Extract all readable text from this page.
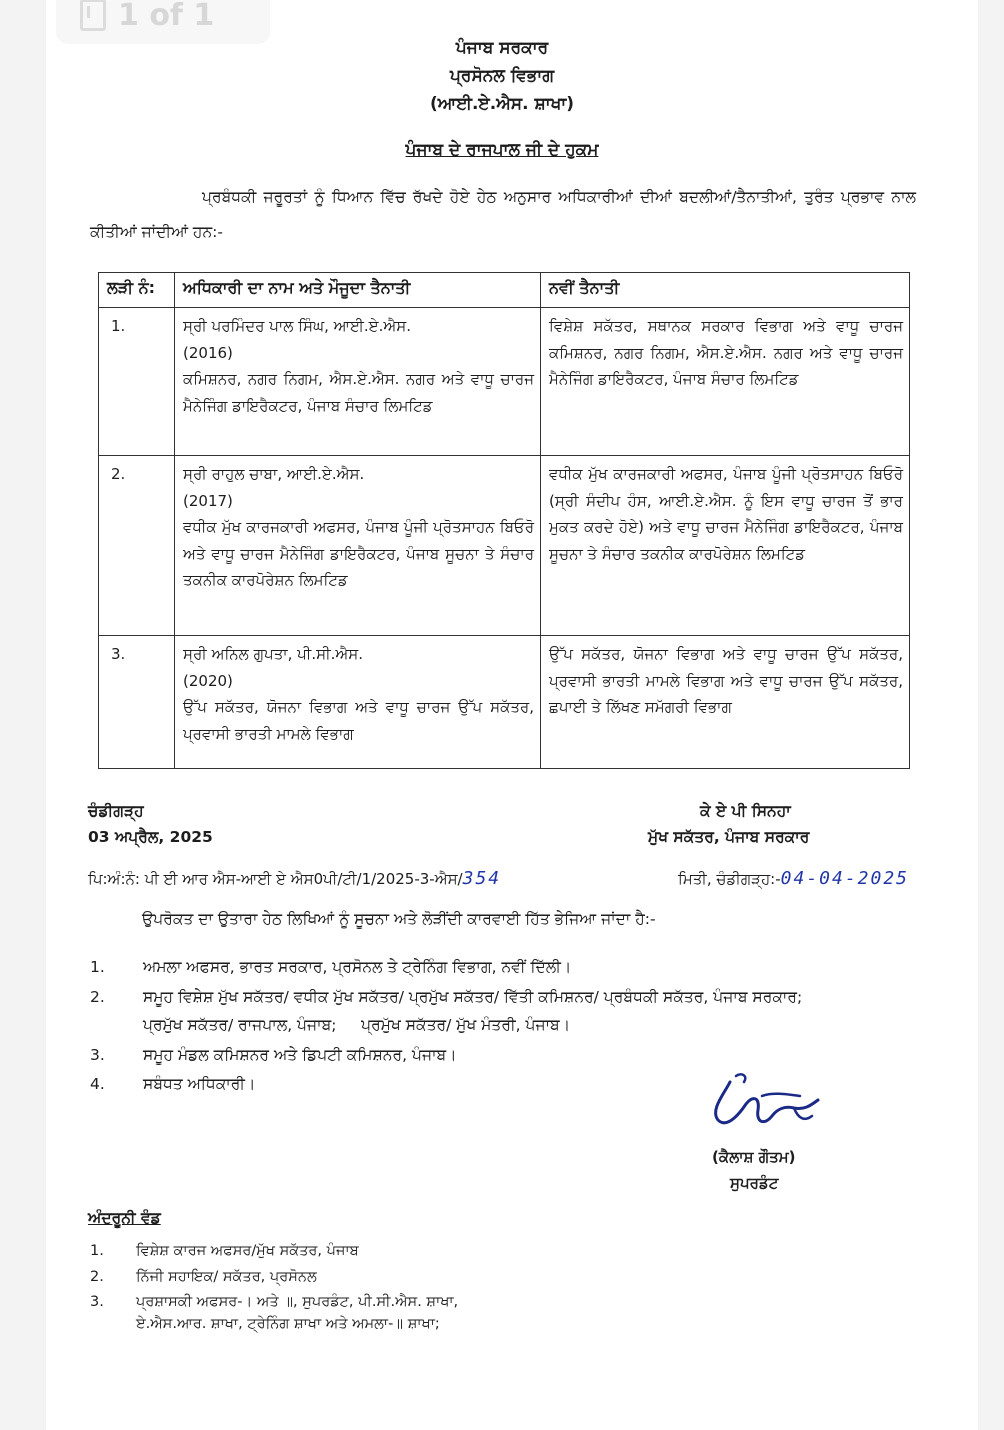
1 of 1
ਪੰਜਾਬ ਸਰਕਾਰ
ਪ੍ਰਸੋਨਲ ਵਿਭਾਗ
(ਆਈ.ਏ.ਐਸ. ਸ਼ਾਖਾ)
ਪੰਜਾਬ ਦੇ ਰਾਜਪਾਲ ਜੀ ਦੇ ਹੁਕਮ
ਪ੍ਰਬੰਧਕੀ ਜਰੂਰਤਾਂ ਨੂੰ ਧਿਆਨ ਵਿੱਚ ਰੱਖਦੇ ਹੋਏ ਹੇਠ ਅਨੁਸਾਰ ਅਧਿਕਾਰੀਆਂ ਦੀਆਂ ਬਦਲੀਆਂ/ਤੈਨਾਤੀਆਂ, ਤੁਰੰਤ ਪ੍ਰਭਾਵ ਨਾਲ ਕੀਤੀਆਂ ਜਾਂਦੀਆਂ ਹਨ:-
ਲੜੀ ਨੰ:	ਅਧਿਕਾਰੀ ਦਾ ਨਾਮ ਅਤੇ ਮੌਜੂਦਾ ਤੈਨਾਤੀ	ਨਵੀਂ ਤੈਨਾਤੀ
1.	ਸ੍ਰੀ ਪਰਮਿੰਦਰ ਪਾਲ ਸਿੰਘ, ਆਈ.ਏ.ਐਸ.
(2016)
ਕਮਿਸ਼ਨਰ, ਨਗਰ ਨਿਗਮ, ਐਸ.ਏ.ਐਸ. ਨਗਰ ਅਤੇ ਵਾਧੂ ਚਾਰਜ ਮੈਨੇਜਿੰਗ ਡਾਇਰੈਕਟਰ, ਪੰਜਾਬ ਸੰਚਾਰ ਲਿਮਟਿਡ	ਵਿਸ਼ੇਸ਼ ਸਕੱਤਰ, ਸਥਾਨਕ ਸਰਕਾਰ ਵਿਭਾਗ ਅਤੇ ਵਾਧੂ ਚਾਰਜ ਕਮਿਸ਼ਨਰ, ਨਗਰ ਨਿਗਮ, ਐਸ.ਏ.ਐਸ. ਨਗਰ ਅਤੇ ਵਾਧੂ ਚਾਰਜ ਮੈਨੇਜਿੰਗ ਡਾਇਰੈਕਟਰ, ਪੰਜਾਬ ਸੰਚਾਰ ਲਿਮਟਿਡ
2.	ਸ੍ਰੀ ਰਾਹੁਲ ਚਾਬਾ, ਆਈ.ਏ.ਐਸ.
(2017)
ਵਧੀਕ ਮੁੱਖ ਕਾਰਜਕਾਰੀ ਅਫਸਰ, ਪੰਜਾਬ ਪੂੰਜੀ ਪ੍ਰੋਤਸਾਹਨ ਬਿਓਰੋ ਅਤੇ ਵਾਧੂ ਚਾਰਜ ਮੈਨੇਜਿੰਗ ਡਾਇਰੈਕਟਰ, ਪੰਜਾਬ ਸੂਚਨਾ ਤੇ ਸੰਚਾਰ ਤਕਨੀਕ ਕਾਰਪੋਰੇਸ਼ਨ ਲਿਮਟਿਡ	ਵਧੀਕ ਮੁੱਖ ਕਾਰਜਕਾਰੀ ਅਫਸਰ, ਪੰਜਾਬ ਪੂੰਜੀ ਪ੍ਰੋਤਸਾਹਨ ਬਿਓਰੋ (ਸ੍ਰੀ ਸੰਦੀਪ ਹੰਸ, ਆਈ.ਏ.ਐਸ. ਨੂੰ ਇਸ ਵਾਧੂ ਚਾਰਜ ਤੋਂ ਭਾਰ ਮੁਕਤ ਕਰਦੇ ਹੋਏ) ਅਤੇ ਵਾਧੂ ਚਾਰਜ ਮੈਨੇਜਿੰਗ ਡਾਇਰੈਕਟਰ, ਪੰਜਾਬ ਸੂਚਨਾ ਤੇ ਸੰਚਾਰ ਤਕਨੀਕ ਕਾਰਪੋਰੇਸ਼ਨ ਲਿਮਟਿਡ
3.	ਸ੍ਰੀ ਅਨਿਲ ਗੁਪਤਾ, ਪੀ.ਸੀ.ਐਸ.
(2020)
ਉੱਪ ਸਕੱਤਰ, ਯੋਜਨਾ ਵਿਭਾਗ ਅਤੇ ਵਾਧੂ ਚਾਰਜ ਉੱਪ ਸਕੱਤਰ, ਪ੍ਰਵਾਸੀ ਭਾਰਤੀ ਮਾਮਲੇ ਵਿਭਾਗ	ਉੱਪ ਸਕੱਤਰ, ਯੋਜਨਾ ਵਿਭਾਗ ਅਤੇ ਵਾਧੂ ਚਾਰਜ ਉੱਪ ਸਕੱਤਰ, ਪ੍ਰਵਾਸੀ ਭਾਰਤੀ ਮਾਮਲੇ ਵਿਭਾਗ ਅਤੇ ਵਾਧੂ ਚਾਰਜ ਉੱਪ ਸਕੱਤਰ, ਛਪਾਈ ਤੇ ਲਿੱਖਣ ਸਮੱਗਰੀ ਵਿਭਾਗ
ਚੰਡੀਗੜ੍ਹ
03 ਅਪ੍ਰੈਲ, 2025
ਕੇ ਏ ਪੀ ਸਿਨਹਾ
ਮੁੱਖ ਸਕੱਤਰ, ਪੰਜਾਬ ਸਰਕਾਰ
ਪਿ:ਅੰ:ਨੰ: ਪੀ ਈ ਆਰ ਐਸ-ਆਈ ਏ ਐਸ0ਪੀ/ਟੀ/1/2025-3-ਐਸ/354	ਮਿਤੀ, ਚੰਡੀਗੜ੍ਹ:-04-04-2025
ਉਪਰੋਕਤ ਦਾ ਉਤਾਰਾ ਹੇਠ ਲਿਖਿਆਂ ਨੂੰ ਸੂਚਨਾ ਅਤੇ ਲੋੜੀਂਦੀ ਕਾਰਵਾਈ ਹਿੱਤ ਭੇਜਿਆ ਜਾਂਦਾ ਹੈ:-
1. ਅਮਲਾ ਅਫਸਰ, ਭਾਰਤ ਸਰਕਾਰ, ਪ੍ਰਸੋਨਲ ਤੇ ਟ੍ਰੇਨਿੰਗ ਵਿਭਾਗ, ਨਵੀਂ ਦਿੱਲੀ।
2. ਸਮੂਹ ਵਿਸ਼ੇਸ਼ ਮੁੱਖ ਸਕੱਤਰ/ ਵਧੀਕ ਮੁੱਖ ਸਕੱਤਰ/ ਪ੍ਰਮੁੱਖ ਸਕੱਤਰ/ ਵਿੱਤੀ ਕਮਿਸ਼ਨਰ/ ਪ੍ਰਬੰਧਕੀ ਸਕੱਤਰ, ਪੰਜਾਬ ਸਰਕਾਰ;
ਪ੍ਰਮੁੱਖ ਸਕੱਤਰ/ ਰਾਜਪਾਲ, ਪੰਜਾਬ;     ਪ੍ਰਮੁੱਖ ਸਕੱਤਰ/ ਮੁੱਖ ਮੰਤਰੀ, ਪੰਜਾਬ।
3. ਸਮੂਹ ਮੰਡਲ ਕਮਿਸ਼ਨਰ ਅਤੇ ਡਿਪਟੀ ਕਮਿਸ਼ਨਰ, ਪੰਜਾਬ।
4. ਸਬੰਧਤ ਅਧਿਕਾਰੀ।
(ਕੈਲਾਸ਼ ਗੌਤਮ)
ਸੁਪਰਡੰਟ
ਅੰਦਰੂਨੀ ਵੰਡ
1. ਵਿਸ਼ੇਸ਼ ਕਾਰਜ ਅਫਸਰ/ਮੁੱਖ ਸਕੱਤਰ, ਪੰਜਾਬ
2. ਨਿੱਜੀ ਸਹਾਇਕ/ ਸਕੱਤਰ, ਪ੍ਰਸੋਨਲ
3. ਪ੍ਰਸ਼ਾਸਕੀ ਅਫਸਰ-। ਅਤੇ ॥, ਸੁਪਰਡੰਟ, ਪੀ.ਸੀ.ਐਸ. ਸ਼ਾਖਾ,
ਏ.ਐਸ.ਆਰ. ਸ਼ਾਖਾ, ਟ੍ਰੇਨਿੰਗ ਸ਼ਾਖਾ ਅਤੇ ਅਮਲਾ-॥ ਸ਼ਾਖਾ;
